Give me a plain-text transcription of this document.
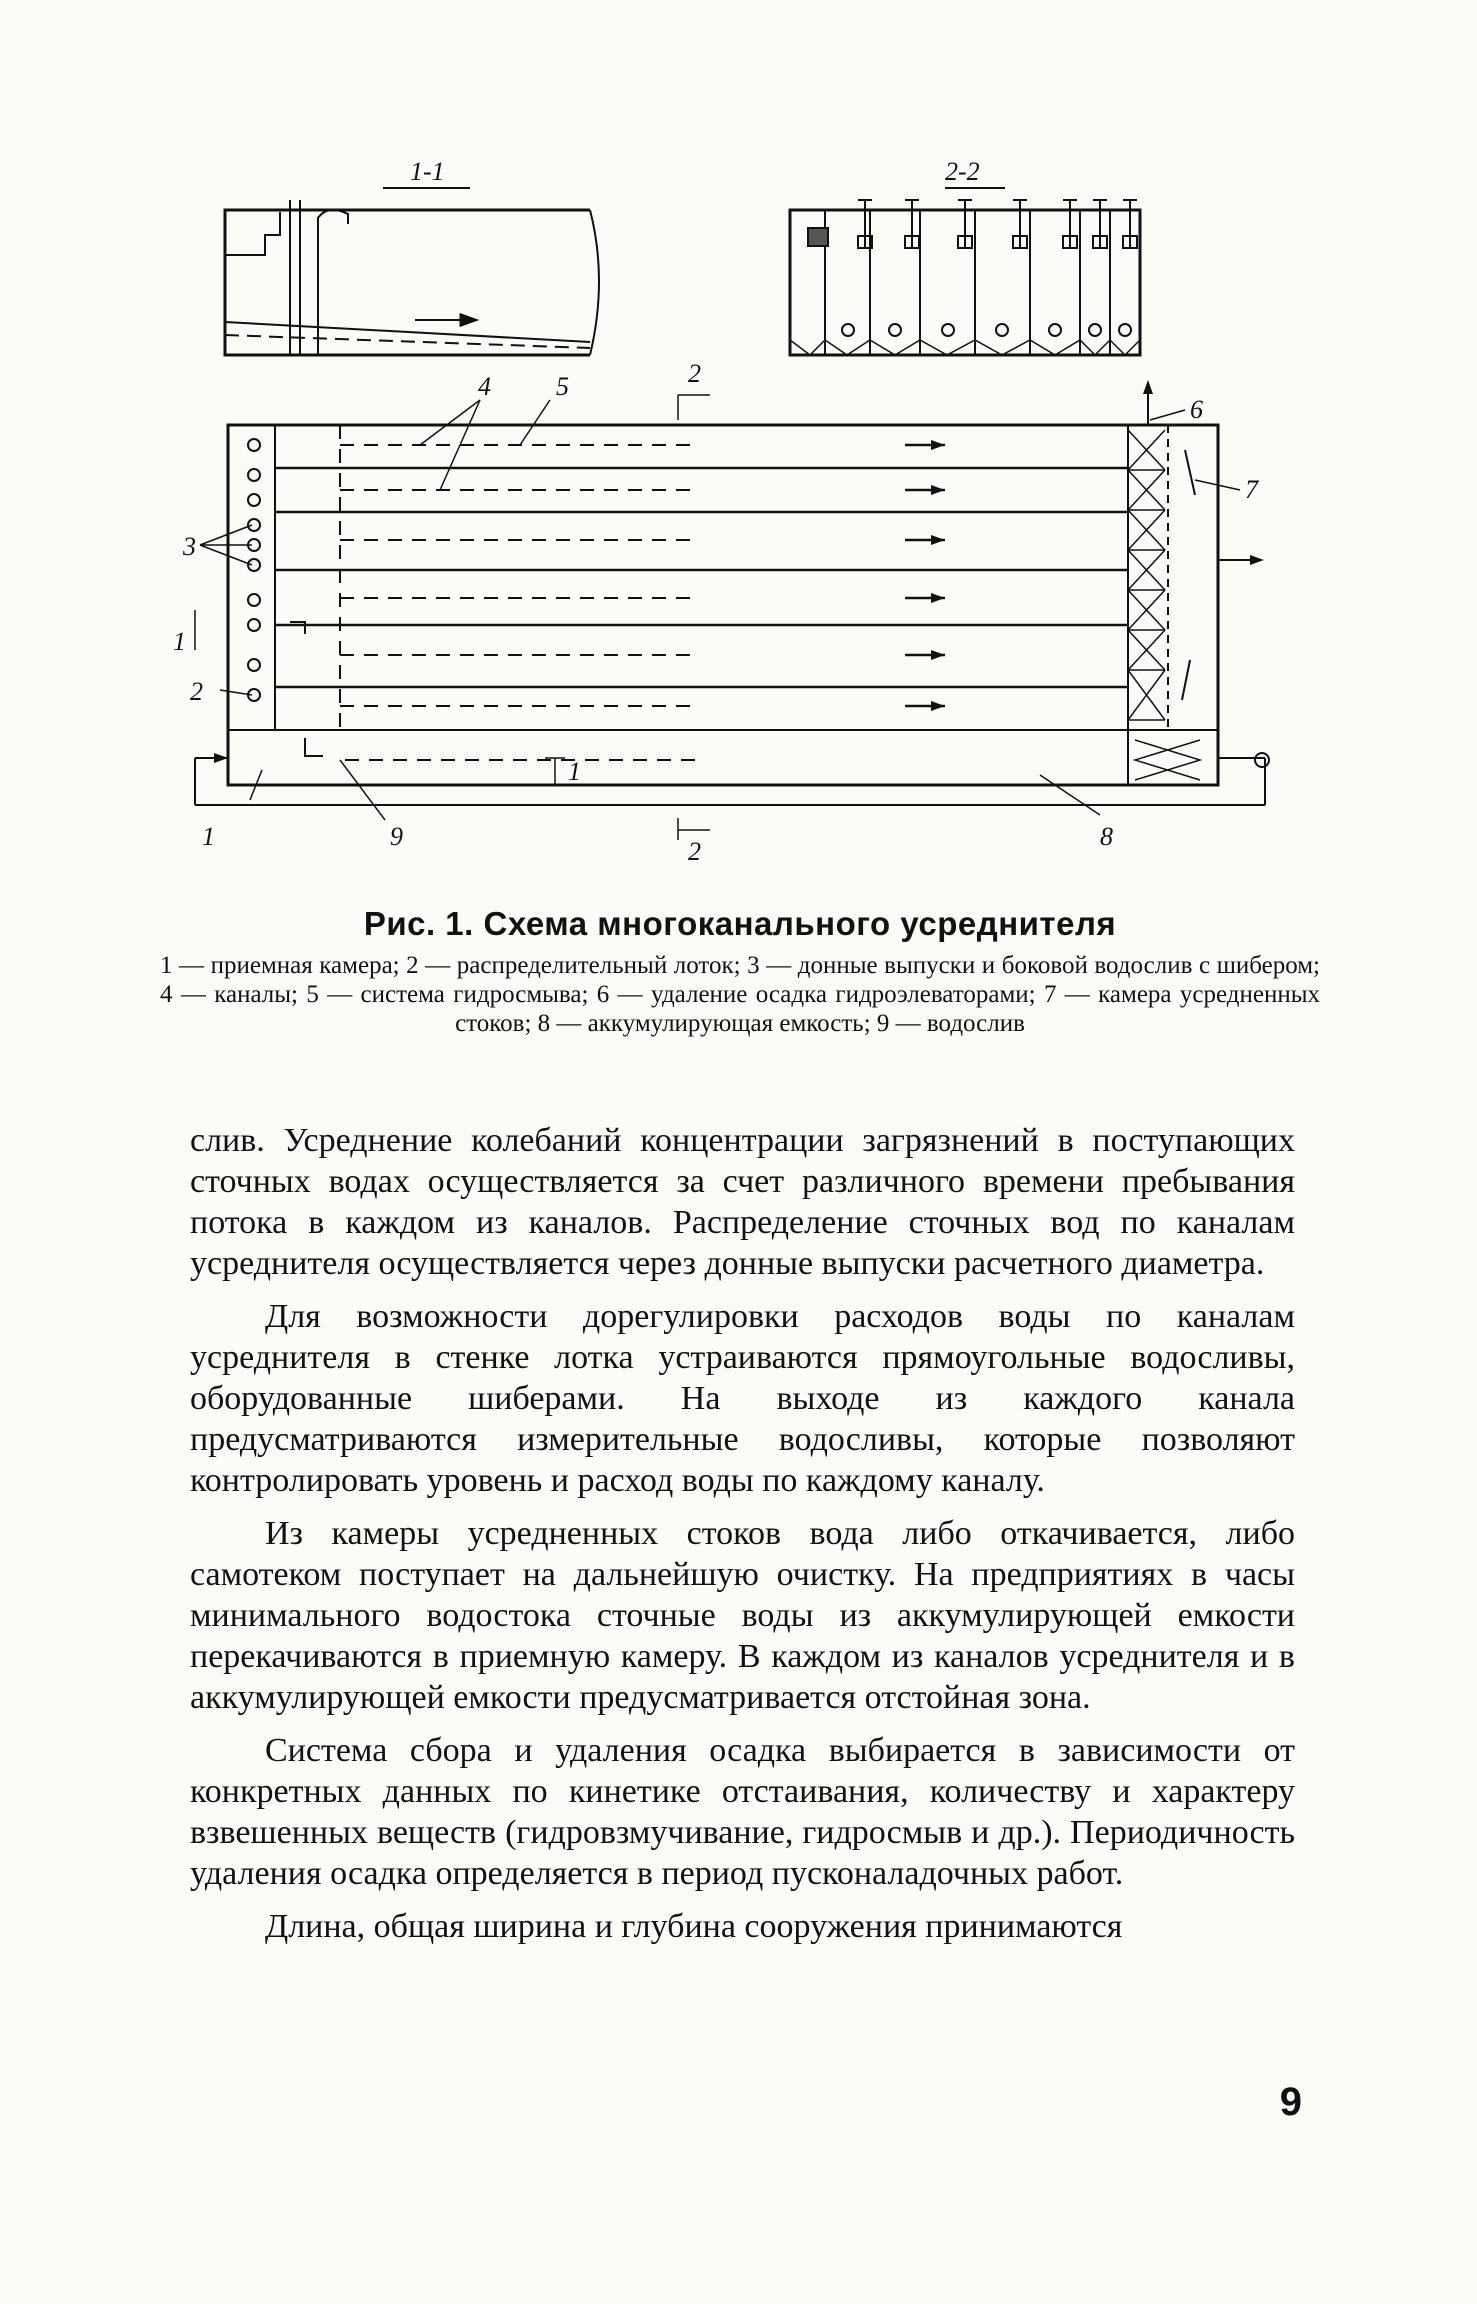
1-1	2-2
4	5	2
6
7
3
1
2
1	9
1
2
8

Рис. 1. Схема многоканального усреднителя

1 — приемная камера; 2 — распределительный лоток; 3 — донные выпуски и боковой водослив с шибером; 4 — каналы; 5 — система гидросмыва; 6 — удаление осадка гидроэлеваторами; 7 — камера усредненных стоков; 8 — аккумулирующая емкость; 9 — водослив

слив. Усреднение колебаний концентрации загрязнений в поступающих сточных водах осуществляется за счет различного времени пребывания потока в каждом из каналов. Распределение сточных вод по каналам усреднителя осуществляется через донные выпуски расчетного диаметра.

Для возможности дорегулировки расходов воды по каналам усреднителя в стенке лотка устраиваются прямоугольные водосливы, оборудованные шиберами. На выходе из каждого канала предусматриваются измерительные водосливы, которые позволяют контролировать уровень и расход воды по каждому каналу.

Из камеры усредненных стоков вода либо откачивается, либо самотеком поступает на дальнейшую очистку. На предприятиях в часы минимального водостока сточные воды из аккумулирующей емкости перекачиваются в приемную камеру. В каждом из каналов усреднителя и в аккумулирующей емкости предусматривается отстойная зона.

Система сбора и удаления осадка выбирается в зависимости от конкретных данных по кинетике отстаивания, количеству и характеру взвешенных веществ (гидровзмучивание, гидросмыв и др.). Периодичность удаления осадка определяется в период пусконаладочных работ.

Длина, общая ширина и глубина сооружения принимаются

9
